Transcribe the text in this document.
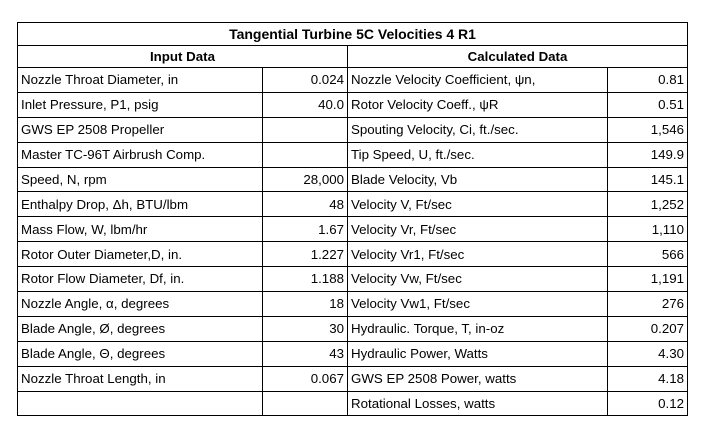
Tangential Turbine 5C Velocities 4 R1			
Input Data		Calculated Data	
Nozzle Throat Diameter, in	0.024	Nozzle Velocity Coefficient, ψn,	0.81
Inlet Pressure, P1, psig	40.0	Rotor Velocity Coeff., ψR	0.51
GWS EP 2508 Propeller		Spouting Velocity, Ci, ft./sec.	1,546
Master TC-96T Airbrush Comp.		Tip Speed, U, ft./sec.	149.9
Speed, N, rpm	28,000	Blade Velocity, Vb	145.1
Enthalpy Drop, Δh, BTU/lbm	48	Velocity V, Ft/sec	1,252
Mass Flow, W, lbm/hr	1.67	Velocity Vr, Ft/sec	1,110
Rotor Outer Diameter,D, in.	1.227	Velocity Vr1, Ft/sec	566
Rotor Flow Diameter, Df, in.	1.188	Velocity Vw, Ft/sec	1,191
Nozzle Angle, α, degrees	18	Velocity Vw1, Ft/sec	276
Blade Angle, Ø, degrees	30	Hydraulic. Torque, T, in-oz	0.207
Blade Angle, Θ, degrees	43	Hydraulic Power, Watts	4.30
Nozzle Throat Length, in	0.067	GWS EP 2508 Power, watts	4.18
		Rotational Losses, watts	0.12
